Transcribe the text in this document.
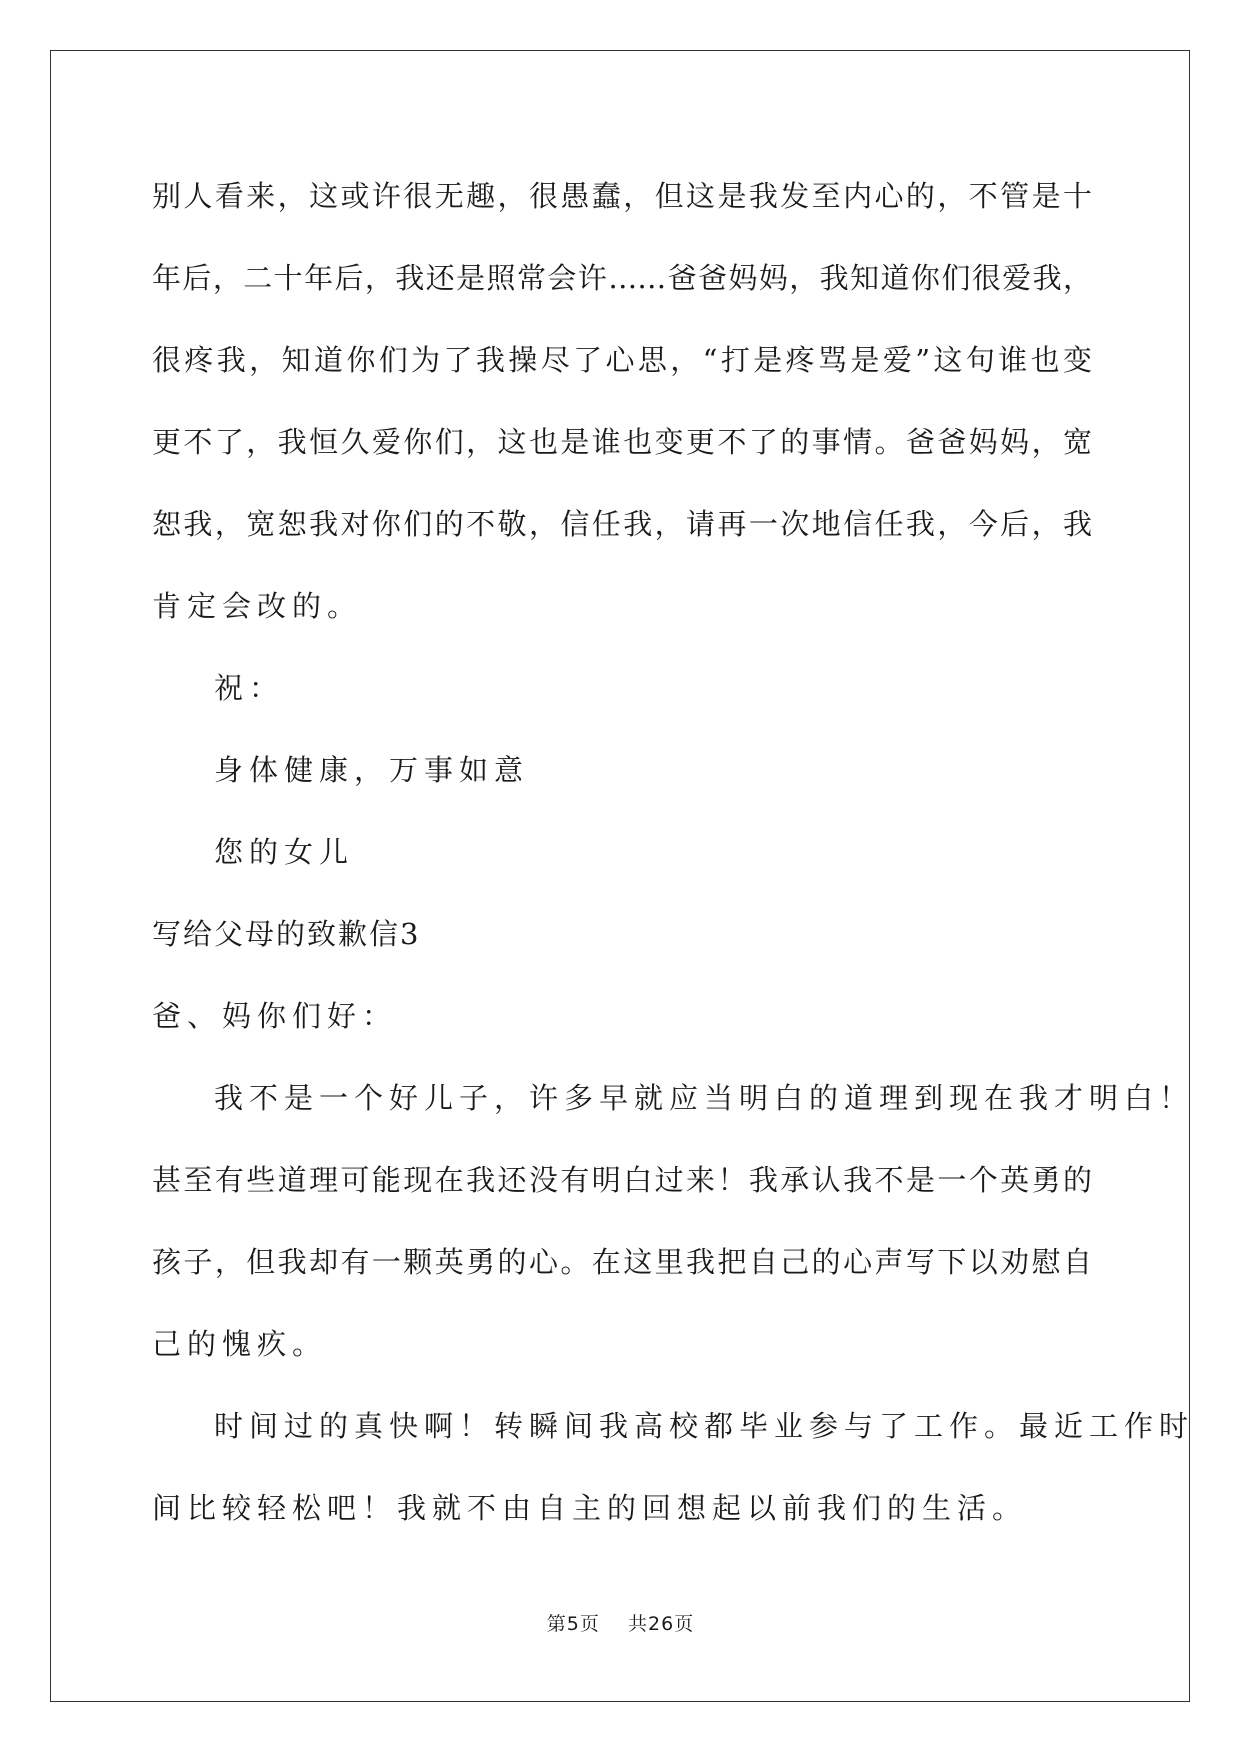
别人看来，这或许很无趣，很愚蠢，但这是我发至内心的，不管是十
年后，二十年后，我还是照常会许……爸爸妈妈，我知道你们很爱我，
很疼我，知道你们为了我操尽了心思，“打是疼骂是爱”这句谁也变
更不了，我恒久爱你们，这也是谁也变更不了的事情。爸爸妈妈，宽
恕我，宽恕我对你们的不敬，信任我，请再一次地信任我，今后，我
肯定会改的。
祝：
身体健康，万事如意
您的女儿
写给父母的致歉信3
爸、妈你们好：
我不是一个好儿子，许多早就应当明白的道理到现在我才明白！
甚至有些道理可能现在我还没有明白过来！我承认我不是一个英勇的
孩子，但我却有一颗英勇的心。在这里我把自己的心声写下以劝慰自
己的愧疚。
时间过的真快啊！转瞬间我高校都毕业参与了工作。最近工作时
间比较轻松吧！我就不由自主的回想起以前我们的生活。
第5页 共26页
